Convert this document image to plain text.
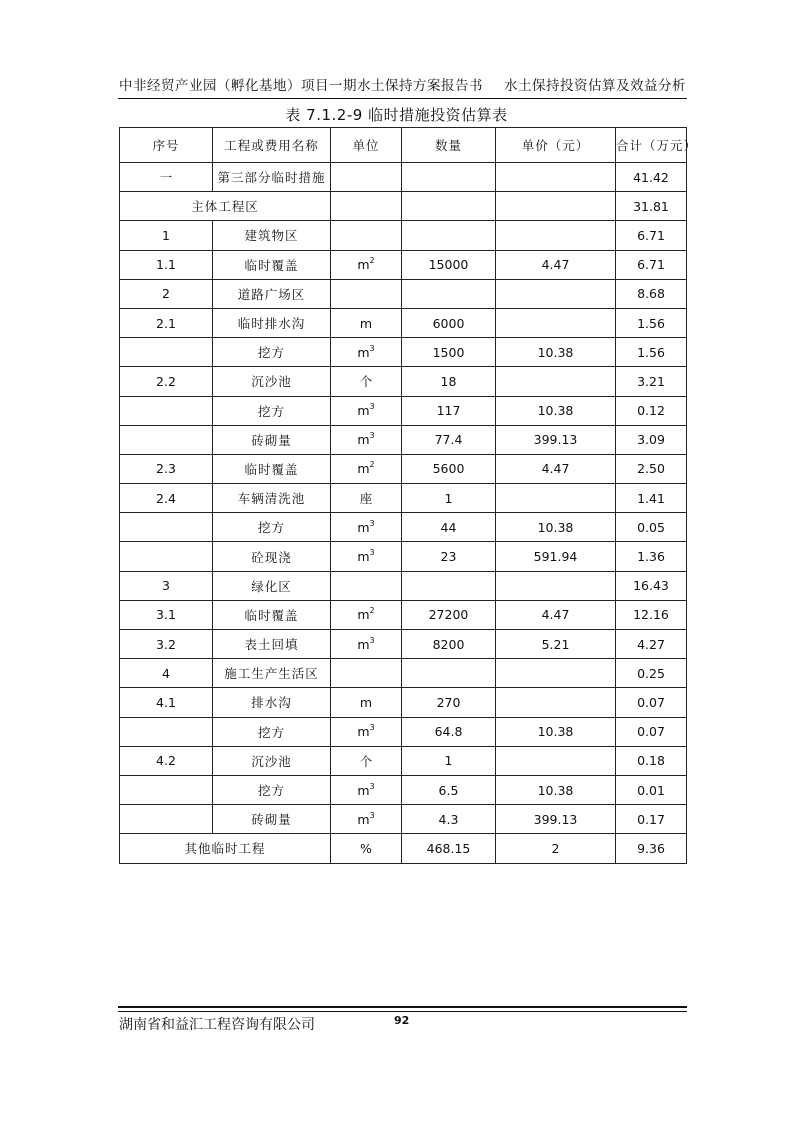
中非经贸产业园（孵化基地）项目一期水土保持方案报告书 水土保持投资估算及效益分析
表 7.1.2-9 临时措施投资估算表
序号	工程或费用名称	单位	数量	单价（元）	合计（万元）
一	第三部分临时措施				41.42
主体工程区					31.81
1	建筑物区				6.71
1.1	临时覆盖	$m^2$	15000	4.47	6.71
2	道路广场区				8.68
2.1	临时排水沟	m	6000		1.56
	挖方	$m^3$	1500	10.38	1.56
2.2	沉沙池	个	18		3.21
	挖方	$m^3$	117	10.38	0.12
	砖砌量	$m^3$	77.4	399.13	3.09
2.3	临时覆盖	$m^2$	5600	4.47	2.50
2.4	车辆清洗池	座	1		1.41
	挖方	$m^3$	44	10.38	0.05
	砼现浇	$m^3$	23	591.94	1.36
3	绿化区				16.43
3.1	临时覆盖	$m^2$	27200	4.47	12.16
3.2	表土回填	$m^3$	8200	5.21	4.27
4	施工生产生活区				0.25
4.1	排水沟	m	270		0.07
	挖方	$m^3$	64.8	10.38	0.07
4.2	沉沙池	个	1		0.18
	挖方	$m^3$	6.5	10.38	0.01
	砖砌量	$m^3$	4.3	399.13	0.17
其他临时工程		%	468.15	2	9.36
湖南省和益汇工程咨询有限公司	92
